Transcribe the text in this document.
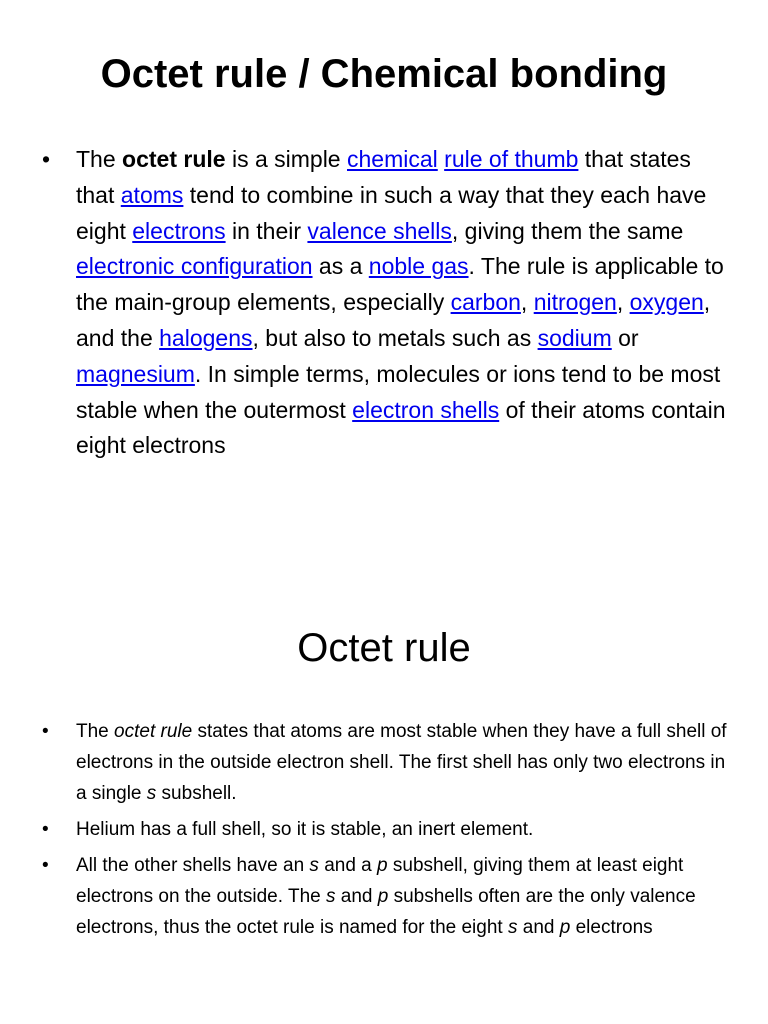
Octet rule / Chemical bonding
• The octet rule is a simple chemical rule of thumb that states that atoms tend to combine in such a way that they each have eight electrons in their valence shells, giving them the same electronic configuration as a noble gas. The rule is applicable to the main-group elements, especially carbon, nitrogen, oxygen, and the halogens, but also to metals such as sodium or magnesium. In simple terms, molecules or ions tend to be most stable when the outermost electron shells of their atoms contain eight electrons
Octet rule
• The octet rule states that atoms are most stable when they have a full shell of electrons in the outside electron shell. The first shell has only two electrons in a single s subshell.
• Helium has a full shell, so it is stable, an inert element.
• All the other shells have an s and a p subshell, giving them at least eight electrons on the outside. The s and p subshells often are the only valence electrons, thus the octet rule is named for the eight s and p electrons
